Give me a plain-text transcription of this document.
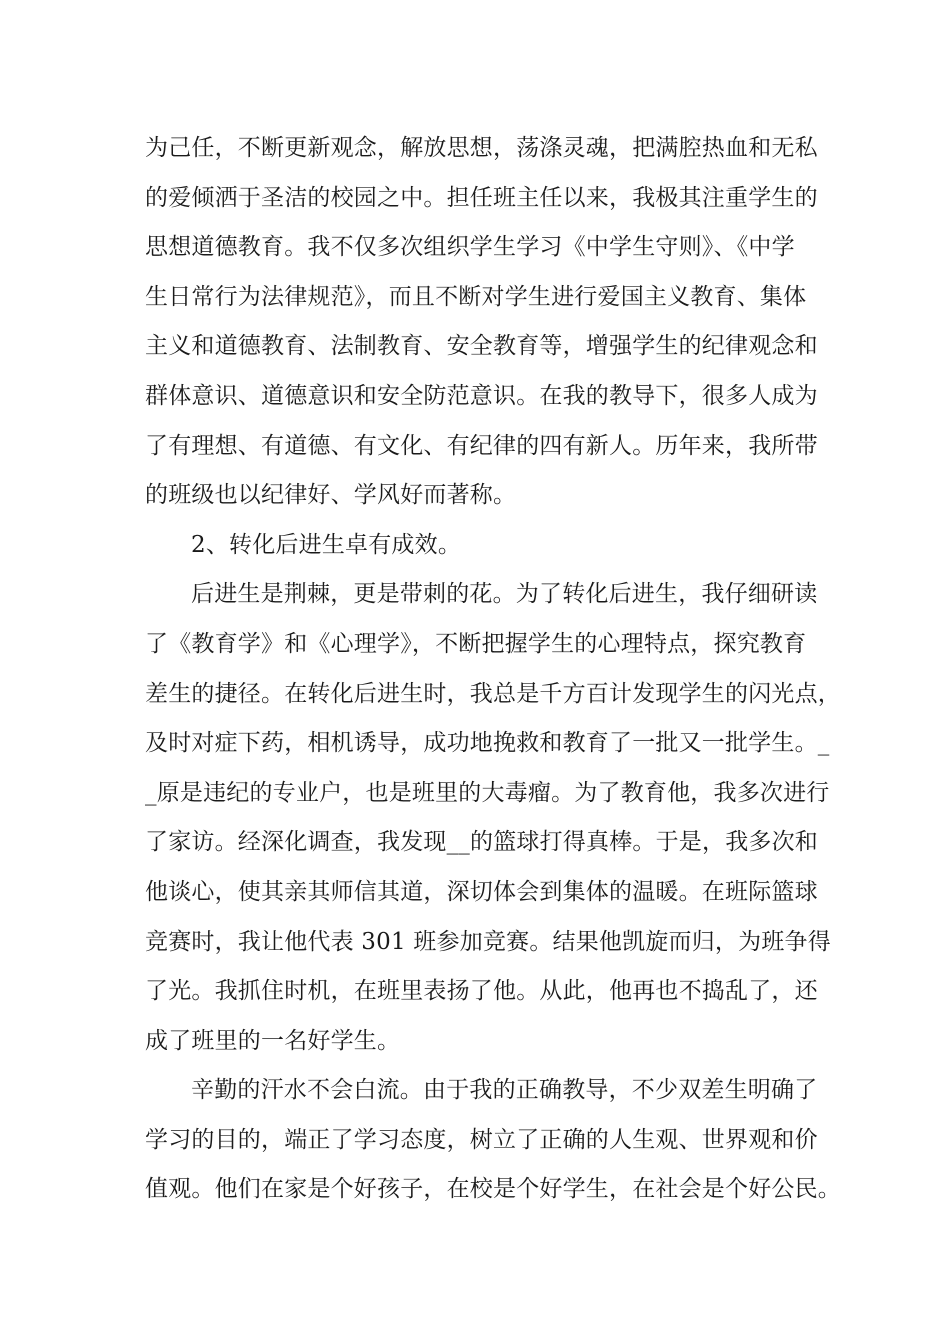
为己任，不断更新观念，解放思想，荡涤灵魂，把满腔热血和无私
的爱倾洒于圣洁的校园之中。担任班主任以来，我极其注重学生的
思想道德教育。我不仅多次组织学生学习《中学生守则》、《中学
生日常行为法律规范》，而且不断对学生进行爱国主义教育、集体
主义和道德教育、法制教育、安全教育等，增强学生的纪律观念和
群体意识、道德意识和安全防范意识。在我的教导下，很多人成为
了有理想、有道德、有文化、有纪律的四有新人。历年来，我所带
的班级也以纪律好、学风好而著称。
2、转化后进生卓有成效。
后进生是荆棘，更是带刺的花。为了转化后进生，我仔细研读
了《教育学》和《心理学》，不断把握学生的心理特点，探究教育
差生的捷径。在转化后进生时，我总是千方百计发现学生的闪光点，
及时对症下药，相机诱导，成功地挽救和教育了一批又一批学生。_
_原是违纪的专业户，也是班里的大毒瘤。为了教育他，我多次进行
了家访。经深化调查，我发现__的篮球打得真棒。于是，我多次和
他谈心，使其亲其师信其道，深切体会到集体的温暖。在班际篮球
竞赛时，我让他代表 301 班参加竞赛。结果他凯旋而归，为班争得
了光。我抓住时机，在班里表扬了他。从此，他再也不捣乱了，还
成了班里的一名好学生。
辛勤的汗水不会白流。由于我的正确教导，不少双差生明确了
学习的目的，端正了学习态度，树立了正确的人生观、世界观和价
值观。他们在家是个好孩子，在校是个好学生，在社会是个好公民。
